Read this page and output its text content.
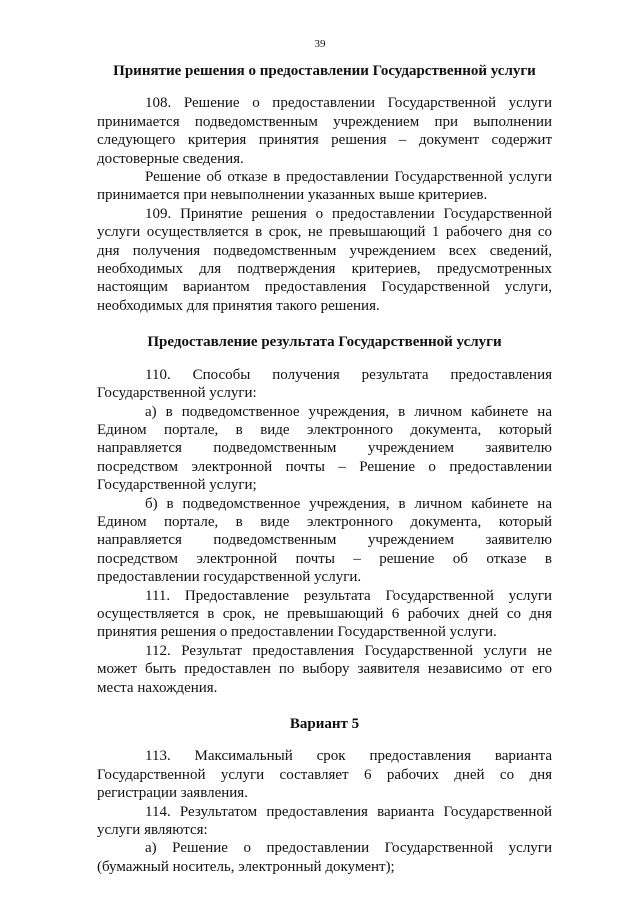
39
Принятие решения о предоставлении Государственной услуги

108. Решение о предоставлении Государственной услуги принимается подведомственным учреждением при выполнении следующего критерия принятия решения – документ содержит достоверные сведения.

Решение об отказе в предоставлении Государственной услуги принимается при невыполнении указанных выше критериев.

109. Принятие решения о предоставлении Государственной услуги осуществляется в срок, не превышающий 1 рабочего дня со дня получения подведомственным учреждением всех сведений, необходимых для подтверждения критериев, предусмотренных настоящим вариантом предоставления Государственной услуги, необходимых для принятия такого решения.

Предоставление результата Государственной услуги

110. Способы получения результата предоставления Государственной услуги:

а) в подведомственное учреждения, в личном кабинете на Едином портале, в виде электронного документа, который направляется подведомственным учреждением заявителю посредством электронной почты – Решение о предоставлении Государственной услуги;

б) в подведомственное учреждения, в личном кабинете на Едином портале, в виде электронного документа, который направляется подведомственным учреждением заявителю посредством электронной почты – решение об отказе в предоставлении государственной услуги.

111. Предоставление результата Государственной услуги осуществляется в срок, не превышающий 6 рабочих дней со дня принятия решения о предоставлении Государственной услуги.

112. Результат предоставления Государственной услуги не может быть предоставлен по выбору заявителя независимо от его места нахождения.

Вариант 5

113. Максимальный срок предоставления варианта Государственной услуги составляет 6 рабочих дней со дня регистрации заявления.

114. Результатом предоставления варианта Государственной услуги являются:

а) Решение о предоставлении Государственной услуги (бумажный носитель, электронный документ);
